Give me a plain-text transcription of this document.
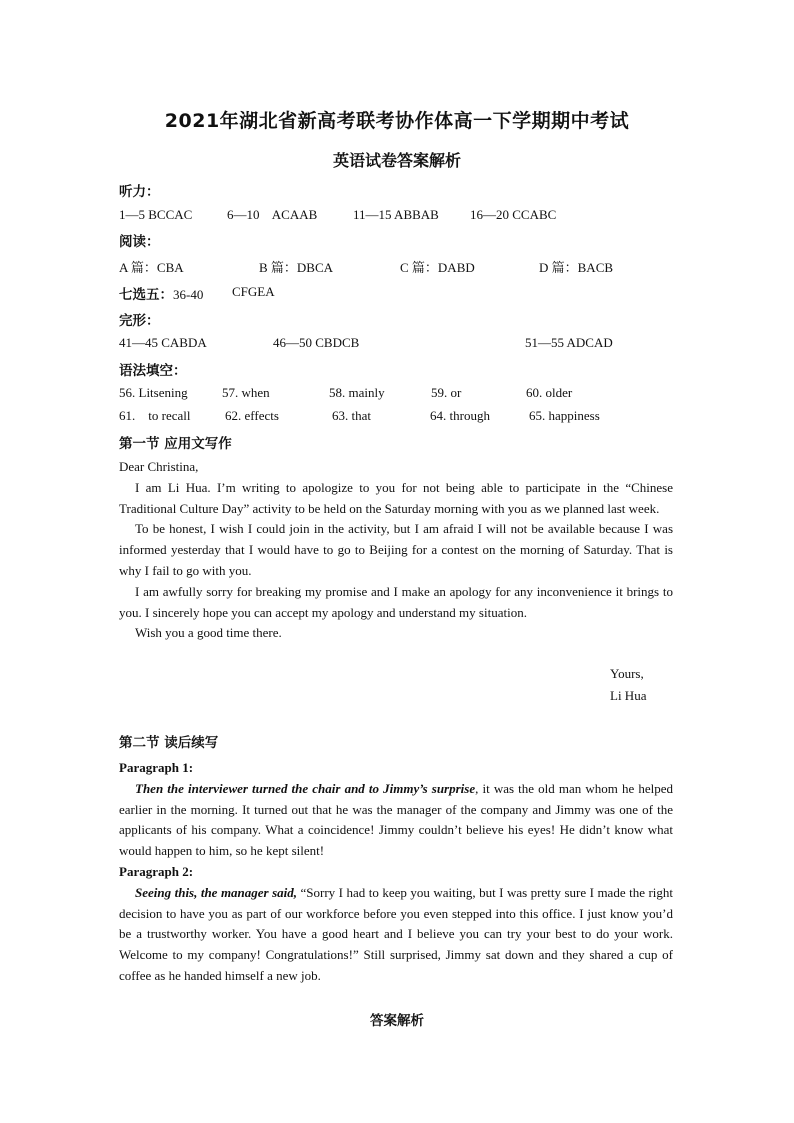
2021年湖北省新高考联考协作体高一下学期期中考试
英语试卷答案解析
听力：
1—5 BCCAC	6—10    ACAAB	11—15 ABBAB 16—20 CCABC
阅读：
A 篇：CBA	B 篇：DBCA	C 篇：DABD	D 篇：BACB
七选五：36-40 CFGEA
完形：
41—45 CABDA	46—50 CBDCB	51—55 ADCAD
语法填空：
56. Litsening	57. when	58. mainly	59. or	60. older
61.    to recall	62. effects	63. that	64. through	65. happiness
第一节 应用文写作

Dear Christina,

I am Li Hua. I’m writing to apologize to you for not being able to participate in the “Chinese Traditional Culture Day” activity to be held on the Saturday morning with you as we planned last week.

To be honest, I wish I could join in the activity, but I am afraid I will not be available because I was informed yesterday that I would have to go to Beijing for a contest on the morning of Saturday. That is why I fail to go with you.

I am awfully sorry for breaking my promise and I make an apology for any inconvenience it brings to you. I sincerely hope you can accept my apology and understand my situation.

Wish you a good time there.

Yours,
Li Hua
第二节 读后续写

Paragraph 1:

Then the interviewer turned the chair and to Jimmy’s surprise, it was the old man whom he helped earlier in the morning. It turned out that he was the manager of the company and Jimmy was one of the applicants of his company. What a coincidence! Jimmy couldn’t believe his eyes! He didn’t know what would happen to him, so he kept silent!

Paragraph 2:

Seeing this, the manager said, “Sorry I had to keep you waiting, but I was pretty sure I made the right decision to have you as part of our workforce before you even stepped into this office. I just know you’d be a trustworthy worker. You have a good heart and I believe you can try your best to do your work. Welcome to my company! Congratulations!” Still surprised, Jimmy sat down and they shared a cup of coffee as he handed himself a new job.

答案解析
